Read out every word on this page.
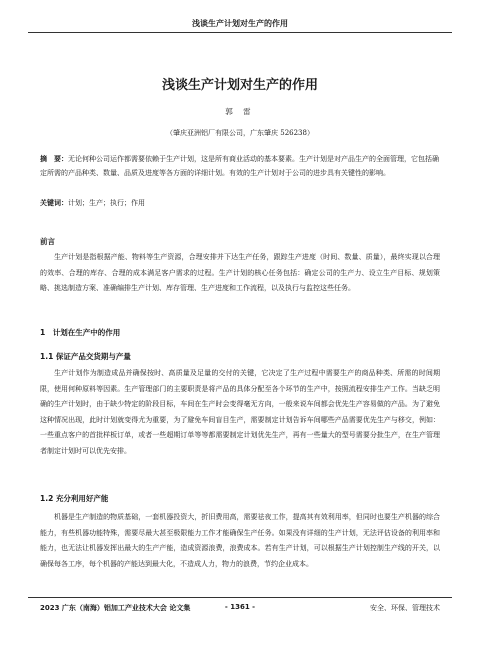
浅谈生产计划对生产的作用
浅谈生产计划对生产的作用
郭 雷
（肇庆亚洲铝厂有限公司，广东肇庆 526238）
摘　要：无论何种公司运作都需要依赖于生产计划，这是所有商业活动的基本要素。生产计划是对产品生产的全面管理，它包括确定所需的产品种类、数量、品质及进度等各方面的详细计划。有效的生产计划对于公司的进步具有关键性的影响。
关键词：计划；生产；执行；作用
前言

生产计划是指根据产能、物料等生产资源，合理安排并下达生产任务，跟踪生产进度（时间、数量、质量），最终实现以合理的效率、合理的库存、合理的成本满足客户需求的过程。生产计划的核心任务包括：确定公司的生产力、设立生产目标、规划策略、挑选制造方案、准确编排生产计划、库存管理、生产进度和工作流程，以及执行与监控这些任务。

1　计划在生产中的作用
1.1 保证产品交货期与产量

生产计划作为制造成品并确保按时、高质量及足量的交付的关键，它决定了生产过程中需要生产的商品种类、所需的时间期限，使用何种原料等因素。生产管理部门的主要职责是将产品的具体分配至各个环节的生产中，按照流程安排生产工作。当缺乏明确的生产计划时，由于缺少特定的阶段目标，车间在生产时会变得毫无方向，一般来说车间都会优先生产容易做的产品。为了避免这种情况出现，此时计划就变得尤为重要，为了避免车间盲目生产，需要制定计划告诉车间哪些产品需要优先生产与移交，例如：一些重点客户的首批样板订单，或者一些超期订单等等都需要制定计划优先生产，再有一些量大的型号需要分批生产，在生产管理者制定计划时可以优先安排。

1.2 充分利用好产能

机器是生产制造的物质基础，一套机器投资大，折旧费用高，需要祛夜工作，提高其有效利用率，但同时也要生产机器的综合能力，有些机器功能特殊，需要尽最大甚至极限能力工作才能确保生产任务。如果没有详细的生产计划，无法评估设备的利用率和能力，也无法让机器发挥出最大的生产产能，造成资源浪费，浪费成本。若有生产计划，可以根据生产计划控制生产线的开关，以确保每各工序，每个机器的产能达到最大化，不造成人力，物力的浪费，节约企业成本。

2023 广东（南海）铝加工产业技术大会 论文集	- 1361 -	安全、环保、管理技术
